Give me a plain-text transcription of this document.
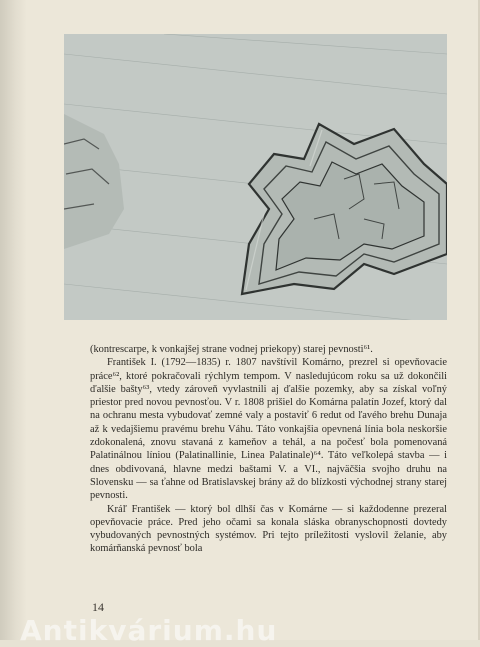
(kontrescarpe, k vonkajšej strane vodnej priekopy) starej pevnosti⁶¹.

František I. (1792—1835) r. 1807 navštívil Komárno, prezrel si opevňovacie práce⁶², ktoré pokračovali rýchlym tempom. V nasledujúcom roku sa už dokončili ďalšie bašty⁶³, vtedy zároveň vyvlastnili aj ďalšie pozemky, aby sa získal voľný priestor pred novou pevnosťou. V r. 1808 prišiel do Komárna palatín Jozef, ktorý dal na ochranu mesta vybudovať zemné valy a postaviť 6 redut od ľavého brehu Dunaja až k vedajšiemu pravému brehu Váhu. Táto vonkajšia opevnená línia bola neskoršie zdokonalená, znovu stavaná z kameňov a tehál, a na počesť bola pomenovaná Palatinálnou líniou (Palatinallinie, Linea Palatinale)⁶⁴. Táto veľkolepá stavba — i dnes obdivovaná, hlavne medzi baštami V. a VI., najväčšia svojho druhu na Slovensku — sa ťahne od Bratislavskej brány až do blízkosti východnej strany starej pevnosti.

Kráľ František — ktorý bol dlhší čas v Komárne — si každodenne prezeral opevňovacie práce. Pred jeho očami sa konala sláska obranyschopnosti dovtedy vybudovaných pevnostných systémov. Pri tejto príležitosti vyslovil želanie, aby komárňanská pevnosť bola

14
Antikvárium.hu
